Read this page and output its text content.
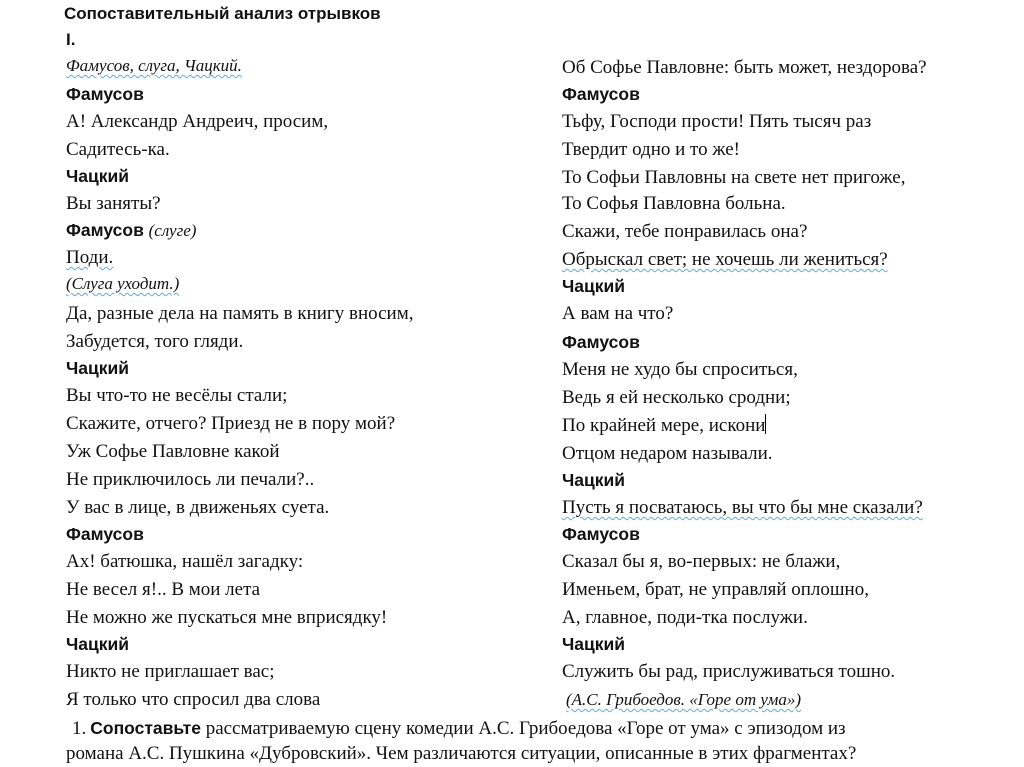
Сопоставительный анализ отрывков
I.
Фамусов, слуга, Чацкий.
Фамусов
А! Александр Андреич, просим,
Садитесь-ка.
Чацкий
Вы заняты?
Фамусов (слуге)
Поди.
(Слуга уходит.)
Да, разные дела на память в книгу вносим,
Забудется, того гляди.
Чацкий
Вы что-то не весёлы стали;
Скажите, отчего? Приезд не в пору мой?
Уж Софье Павловне какой
Не приключилось ли печали?..
У вас в лице, в движеньях суета.
Фамусов
Ах! батюшка, нашёл загадку:
Не весел я!.. В мои лета
Не можно же пускаться мне вприсядку!
Чацкий
Никто не приглашает вас;
Я только что спросил два слова
Об Софье Павловне: быть может, нездорова?
Фамусов
Тьфу, Господи прости! Пять тысяч раз
Твердит одно и то же!
То Софьи Павловны на свете нет пригоже,
То Софья Павловна больна.
Скажи, тебе понравилась она?
Обрыскал свет; не хочешь ли жениться?
Чацкий
А вам на что?
Фамусов
Меня не худо бы спроситься,
Ведь я ей несколько сродни;
По крайней мере, искони
Отцом недаром называли.
Чацкий
Пусть я посватаюсь, вы что бы мне сказали?
Фамусов
Сказал бы я, во-первых: не блажи,
Именьем, брат, не управляй оплошно,
А, главное, поди-тка послужи.
Чацкий
Служить бы рад, прислуживаться тошно.
(А.С. Грибоедов. «Горе от ума»)
1. Сопоставьте рассматриваемую сцену комедии А.С. Грибоедова «Горе от ума» с эпизодом из
романа А.С. Пушкина «Дубровский». Чем различаются ситуации, описанные в этих фрагментах?
